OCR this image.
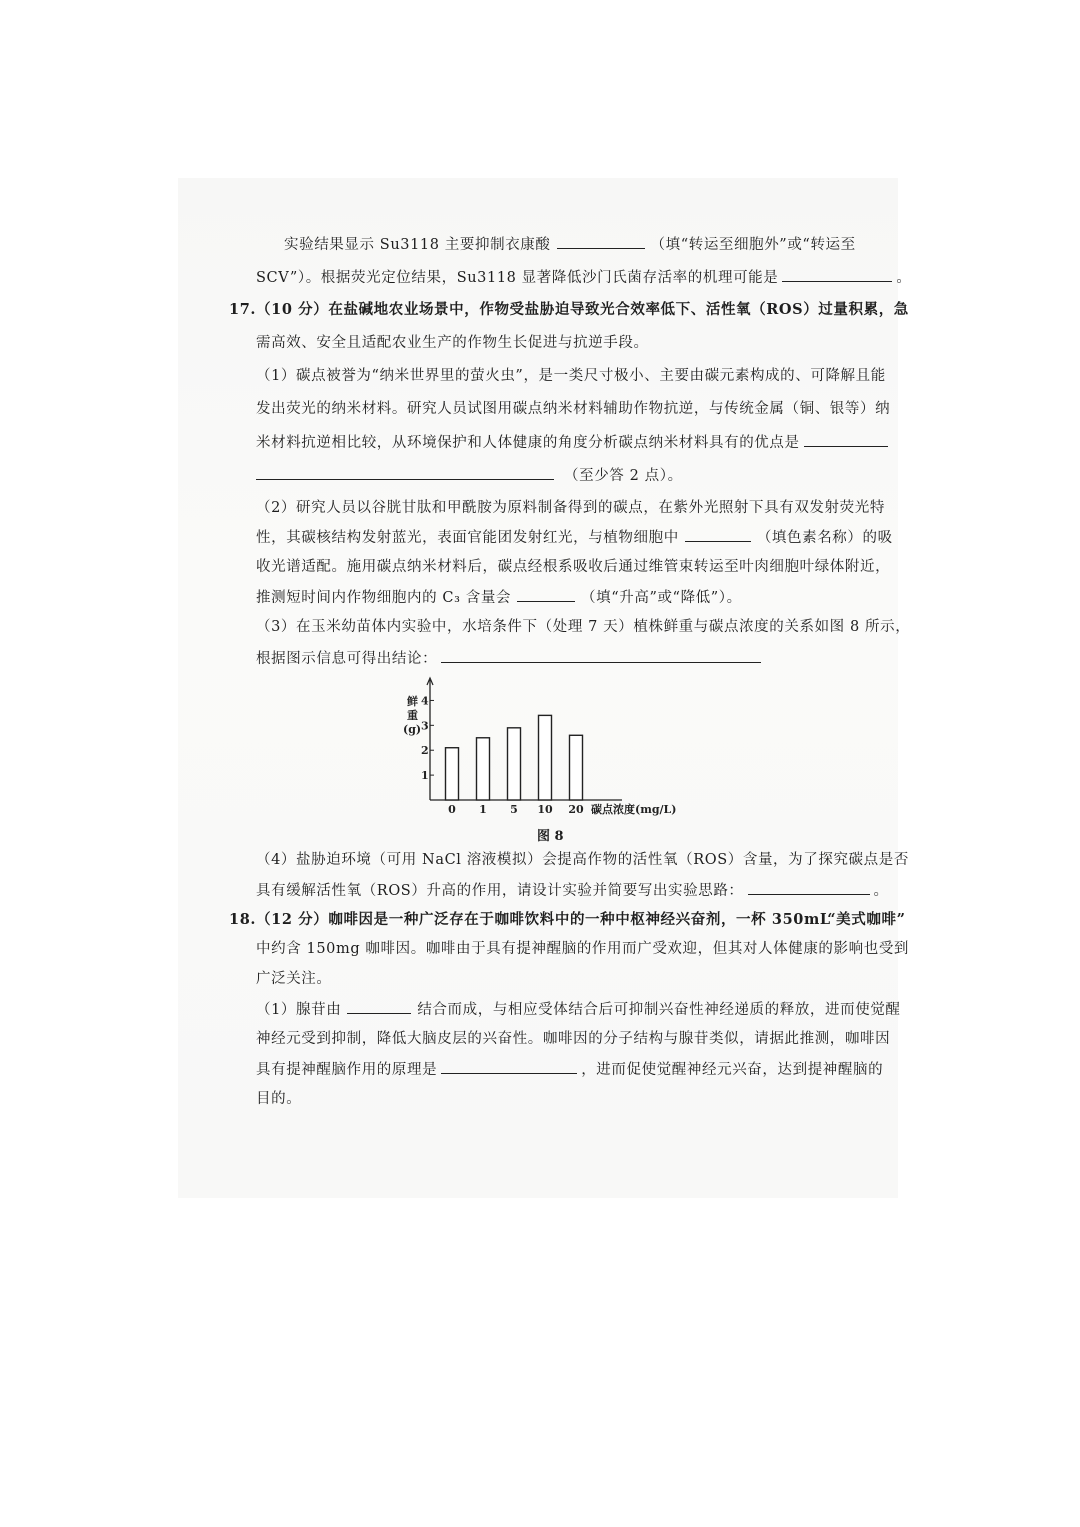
实验结果显示 Su3118 主要抑制衣康酸	（填“转运至细胞外”或“转运至
SCV”）。根据荧光定位结果，Su3118 显著降低沙门氏菌存活率的机理可能是	。
17.（10 分）在盐碱地农业场景中，作物受盐胁迫导致光合效率低下、活性氧（ROS）过量积累，急
需高效、安全且适配农业生产的作物生长促进与抗逆手段。
（1）碳点被誉为“纳米世界里的萤火虫”，是一类尺寸极小、主要由碳元素构成的、可降解且能
发出荧光的纳米材料。研究人员试图用碳点纳米材料辅助作物抗逆，与传统金属（铜、银等）纳
米材料抗逆相比较，从环境保护和人体健康的角度分析碳点纳米材料具有的优点是
（至少答 2 点）。
（2）研究人员以谷胱甘肽和甲酰胺为原料制备得到的碳点，在紫外光照射下具有双发射荧光特
性，其碳核结构发射蓝光，表面官能团发射红光，与植物细胞中	（填色素名称）的吸
收光谱适配。施用碳点纳米材料后，碳点经根系吸收后通过维管束转运至叶肉细胞叶绿体附近，
推测短时间内作物细胞内的 C₃ 含量会	（填“升高”或“降低”）。
（3）在玉米幼苗体内实验中，水培条件下（处理 7 天）植株鲜重与碳点浓度的关系如图 8 所示，
根据图示信息可得出结论：
1
2
3
4
0 1 5 10 20
鲜
重
(g)
碳点浓度(mg/L)
图 8
（4）盐胁迫环境（可用 NaCl 溶液模拟）会提高作物的活性氧（ROS）含量，为了探究碳点是否
具有缓解活性氧（ROS）升高的作用，请设计实验并简要写出实验思路：	。
18.（12 分）咖啡因是一种广泛存在于咖啡饮料中的一种中枢神经兴奋剂，一杯 350mL“美式咖啡”
中约含 150mg 咖啡因。咖啡由于具有提神醒脑的作用而广受欢迎，但其对人体健康的影响也受到
广泛关注。
（1）腺苷由	结合而成，与相应受体结合后可抑制兴奋性神经递质的释放，进而使觉醒
神经元受到抑制，降低大脑皮层的兴奋性。咖啡因的分子结构与腺苷类似，请据此推测，咖啡因
具有提神醒脑作用的原理是	，进而促使觉醒神经元兴奋，达到提神醒脑的
目的。
